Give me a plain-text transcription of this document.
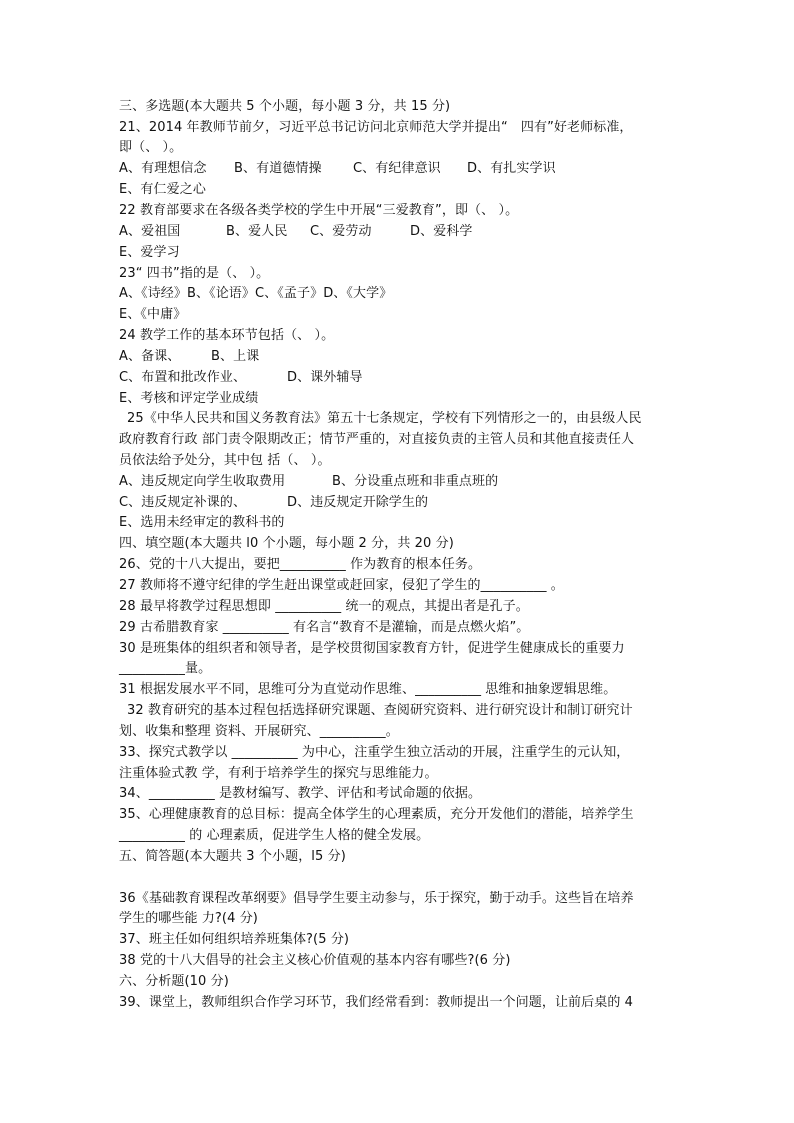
三、多选题(本大题共 5 个小题，每小题 3 分，共 15 分)
21、2014 年教师节前夕，习近平总书记访问北京师范大学并提出“　四有”好老师标准，
即（、 ）。
A、有理想信念 B、有道德情操 C、有纪律意识 D、有扎实学识
E、有仁爱之心
22 教育部要求在各级各类学校的学生中开展“三爱教育”，即（、 ）。
A、爱祖国	B、爱人民 C、爱劳动	D、爱科学
E、爱学习
23“ 四书”指的是（、 ）。
A、《诗经》B、《论语》C、《孟子》D、《大学》
E、《中庸》
24 教学工作的基本环节包括（、 ）。
A、备课、 B、上课
C、布置和批改作业、	D、课外辅导
E、考核和评定学业成绩
25《中华人民共和国义务教育法》第五十七条规定，学校有下列情形之一的，由县级人民
政府教育行政 部门责令限期改正；情节严重的，对直接负责的主管人员和其他直接责任人
员依法给予处分，其中包 括（、 ）。
A、违反规定向学生收取费用	B、分设重点班和非重点班的
C、违反规定补课的、	D、违反规定开除学生的
E、选用未经审定的教科书的
四、填空题(本大题共 l0 个小题，每小题 2 分，共 20 分)
26、党的十八大提出，要把__________ 作为教育的根本任务。
27 教师将不遵守纪律的学生赶出课堂或赶回家，侵犯了学生的__________ 。
28 最早将教学过程思想即 __________ 统一的观点，其提出者是孔子。
29 古希腊教育家 __________ 有名言“教育不是灌输，而是点燃火焰”。
30 是班集体的组织者和领导者，是学校贯彻国家教育方针，促进学生健康成长的重要力
__________量。
31 根据发展水平不同，思维可分为直觉动作思维、__________ 思维和抽象逻辑思维。
32 教育研究的基本过程包括选择研究课题、查阅研究资料、进行研究设计和制订研究计
划、收集和整理 资料、开展研究、__________。
33、探究式教学以 __________ 为中心，注重学生独立活动的开展，注重学生的元认知，
注重体验式教 学，有利于培养学生的探究与思维能力。
34、__________ 是教材编写、教学、评估和考试命题的依据。
35、心理健康教育的总目标：提高全体学生的心理素质，充分开发他们的潜能，培养学生
__________ 的 心理素质，促进学生人格的健全发展。
五、简答题(本大题共 3 个小题，l5 分)
36《基础教育课程改革纲要》倡导学生要主动参与，乐于探究，勤于动手。这些旨在培养
学生的哪些能 力?(4 分)
37、班主任如何组织培养班集体?(5 分)
38 党的十八大倡导的社会主义核心价值观的基本内容有哪些?(6 分)
六、分析题(10 分)
39、课堂上，教师组织合作学习环节，我们经常看到：教师提出一个问题，让前后桌的 4
